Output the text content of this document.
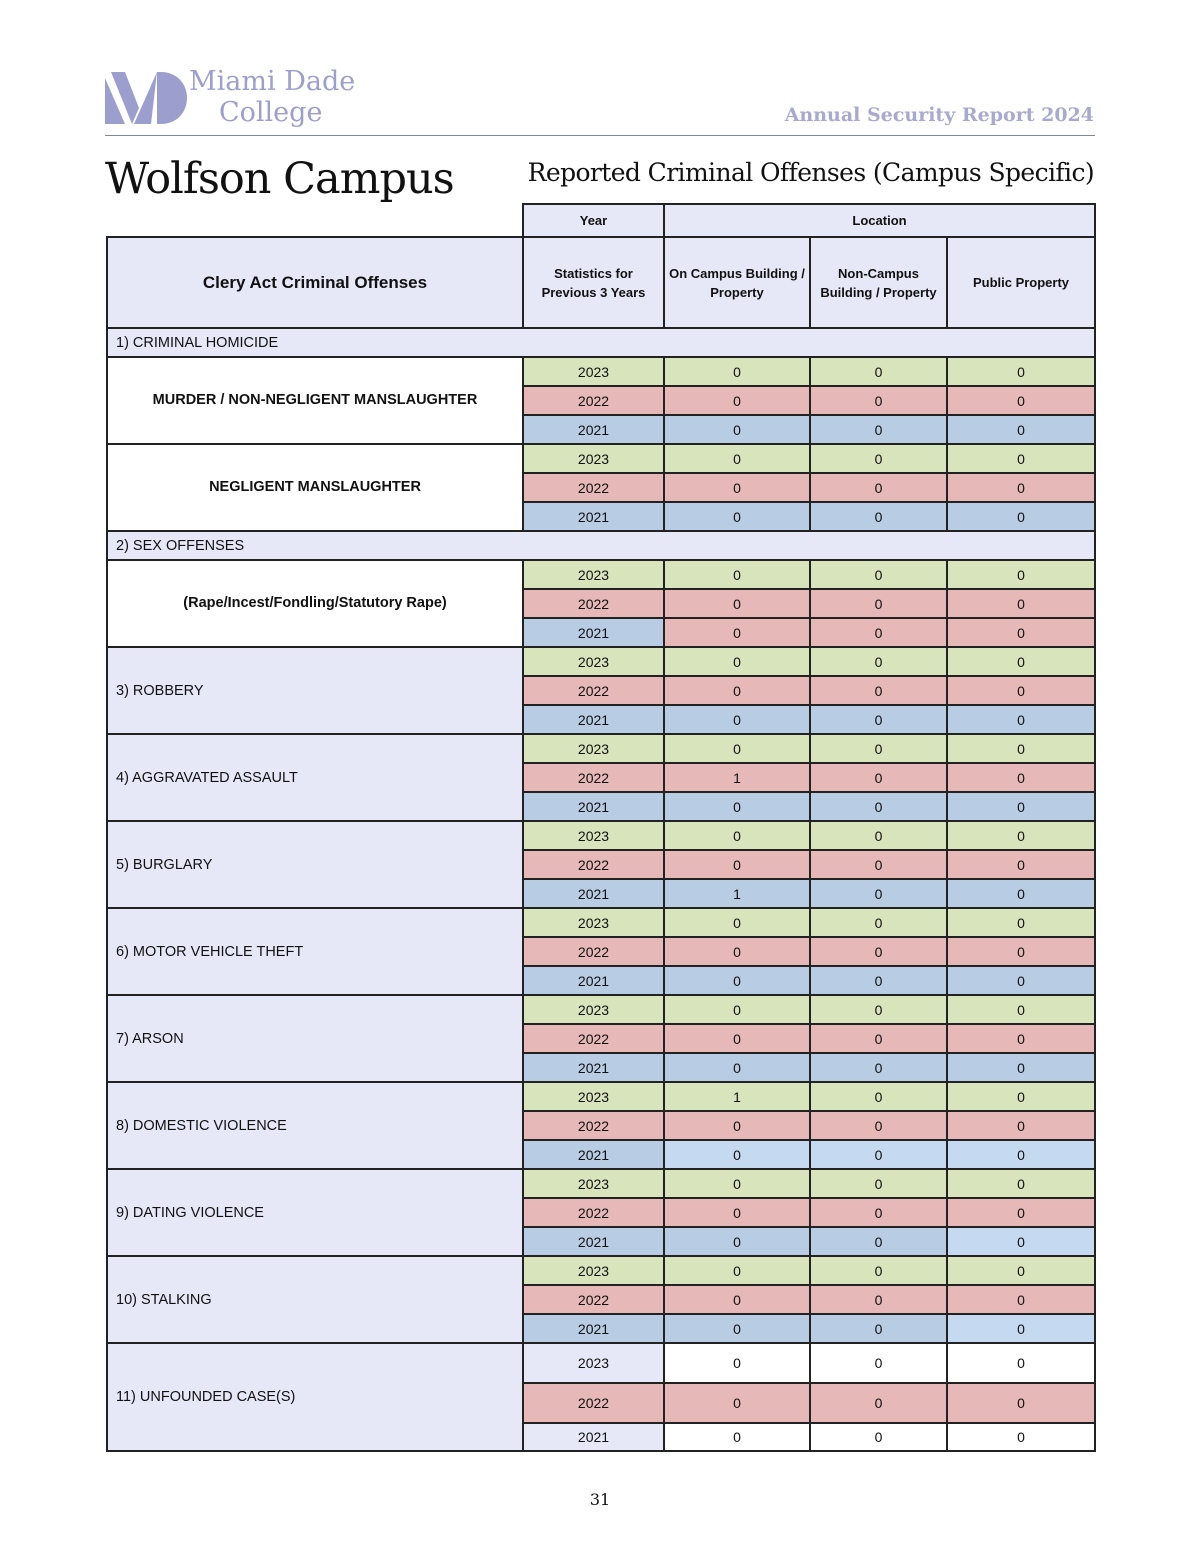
Miami Dade
College	Annual Security Report 2024
Wolfson Campus	Reported Criminal Offenses (Campus Specific)
	Year	Location		
Clery Act Criminal Offenses	Statistics for Previous 3 Years	On Campus Building / Property	Non-Campus Building / Property	Public Property
1) CRIMINAL HOMICIDE				
MURDER / NON-NEGLIGENT MANSLAUGHTER	2023	0	0	0
	2022	0	0	0
	2021	0	0	0
NEGLIGENT MANSLAUGHTER	2023	0	0	0
	2022	0	0	0
	2021	0	0	0
2) SEX OFFENSES				
(Rape/Incest/Fondling/Statutory Rape)	2023	0	0	0
	2022	0	0	0
	2021	0	0	0
3) ROBBERY	2023	0	0	0
	2022	0	0	0
	2021	0	0	0
4) AGGRAVATED ASSAULT	2023	0	0	0
	2022	1	0	0
	2021	0	0	0
5) BURGLARY	2023	0	0	0
	2022	0	0	0
	2021	1	0	0
6) MOTOR VEHICLE THEFT	2023	0	0	0
	2022	0	0	0
	2021	0	0	0
7) ARSON	2023	0	0	0
	2022	0	0	0
	2021	0	0	0
8) DOMESTIC VIOLENCE	2023	1	0	0
	2022	0	0	0
	2021	0	0	0
9) DATING VIOLENCE	2023	0	0	0
	2022	0	0	0
	2021	0	0	0
10) STALKING	2023	0	0	0
	2022	0	0	0
	2021	0	0	0
11) UNFOUNDED CASE(S)	2023	0	0	0
	2022	0	0	0
	2021	0	0	0
31
